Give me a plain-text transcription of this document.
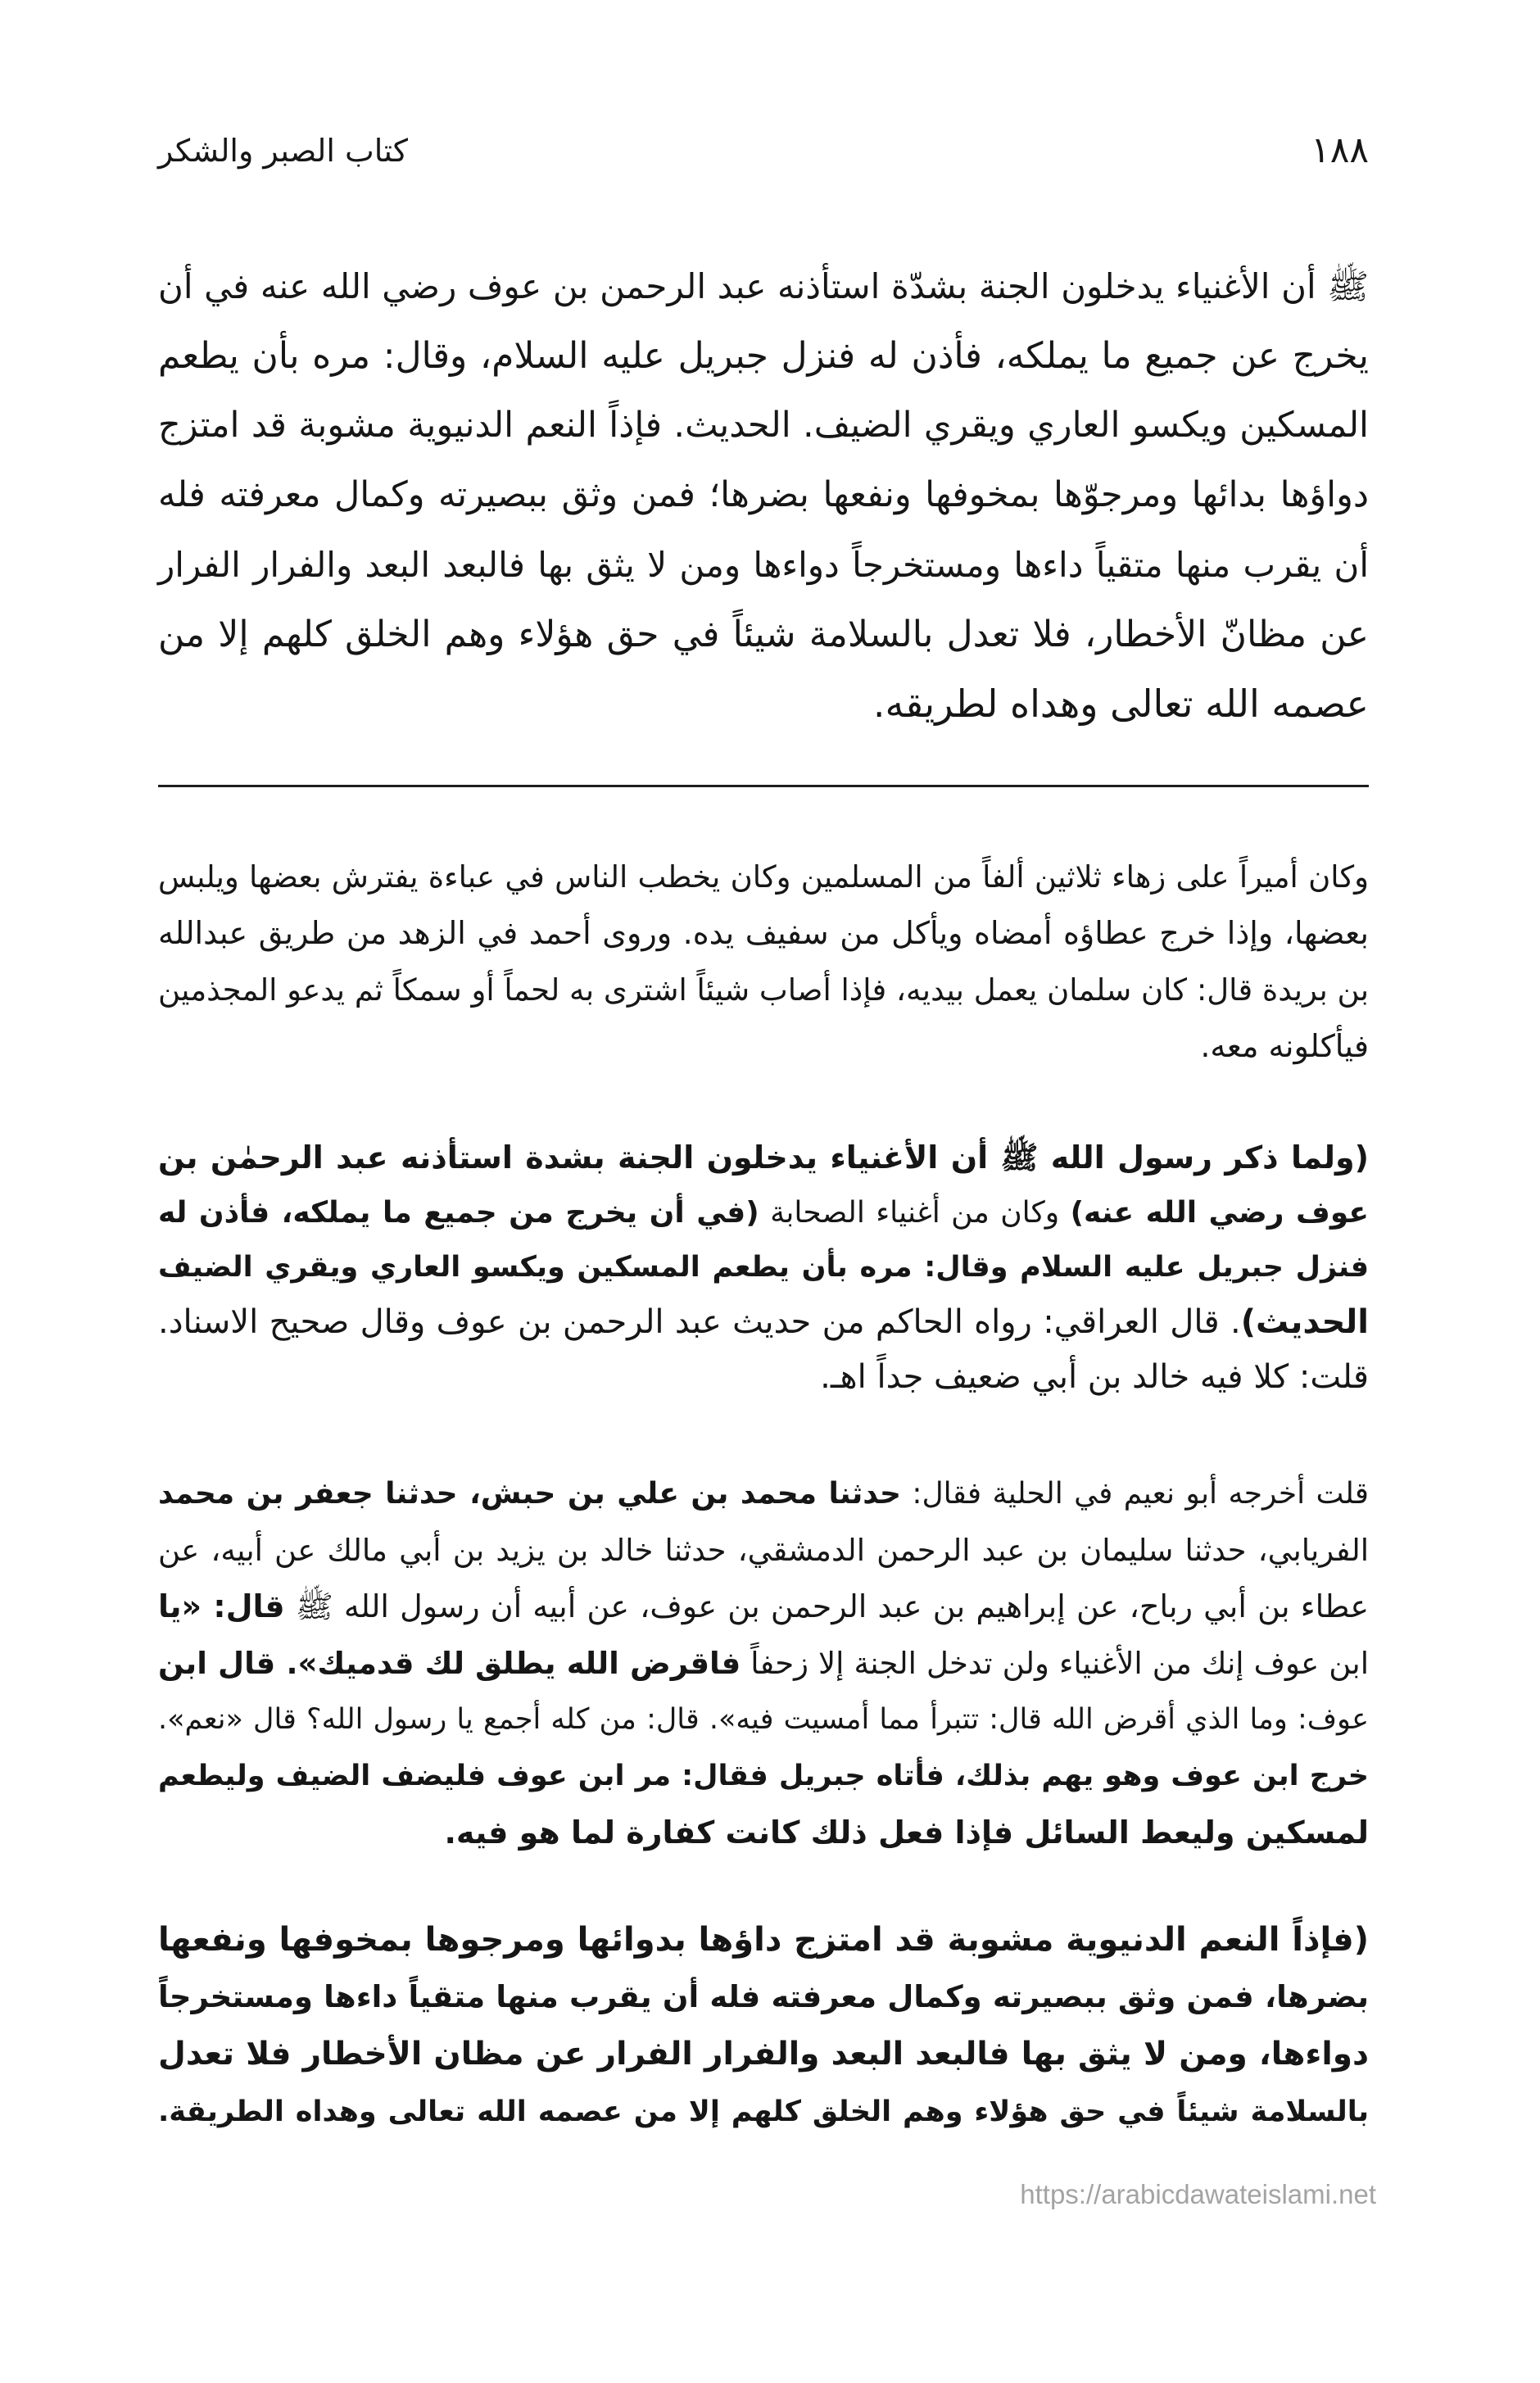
كتاب الصبر والشكر	١٨٨
ﷺ أن الأغنياء يدخلون الجنة بشدّة استأذنه عبد الرحمن بن عوف رضي الله عنه في أن
يخرج عن جميع ما يملكه، فأذن له فنزل جبريل عليه السلام، وقال: مره بأن يطعم
المسكين ويكسو العاري ويقري الضيف. الحديث. فإذاً النعم الدنيوية مشوبة قد امتزج
دواؤها بدائها ومرجوّها بمخوفها ونفعها بضرها؛ فمن وثق ببصيرته وكمال معرفته فله
أن يقرب منها متقياً داءها ومستخرجاً دواءها ومن لا يثق بها فالبعد البعد والفرار الفرار
عن مظانّ الأخطار، فلا تعدل بالسلامة شيئاً في حق هؤلاء وهم الخلق كلهم إلا من
عصمه الله تعالى وهداه لطريقه.
وكان أميراً على زهاء ثلاثين ألفاً من المسلمين وكان يخطب الناس في عباءة يفترش بعضها ويلبس
بعضها، وإذا خرج عطاؤه أمضاه ويأكل من سفيف يده. وروى أحمد في الزهد من طريق عبدالله
بن بريدة قال: كان سلمان يعمل بيديه، فإذا أصاب شيئاً اشترى به لحماً أو سمكاً ثم يدعو المجذمين
فيأكلونه معه.
(ولما ذكر رسول الله ﷺ أن الأغنياء يدخلون الجنة بشدة استأذنه عبد الرحمٰن بن
عوف رضي الله عنه) وكان من أغنياء الصحابة (في أن يخرج من جميع ما يملكه، فأذن له
فنزل جبريل عليه السلام وقال: مره بأن يطعم المسكين ويكسو العاري ويقري الضيف
الحديث). قال العراقي: رواه الحاكم من حديث عبد الرحمن بن عوف وقال صحيح الاسناد.
قلت: كلا فيه خالد بن أبي ضعيف جداً اهـ.
قلت أخرجه أبو نعيم في الحلية فقال: حدثنا محمد بن علي بن حبش، حدثنا جعفر بن محمد
الفريابي، حدثنا سليمان بن عبد الرحمن الدمشقي، حدثنا خالد بن يزيد بن أبي مالك عن أبيه، عن
عطاء بن أبي رباح، عن إبراهيم بن عبد الرحمن بن عوف، عن أبيه أن رسول الله ﷺ قال: «يا
ابن عوف إنك من الأغنياء ولن تدخل الجنة إلا زحفاً فاقرض الله يطلق لك قدميك». قال ابن
عوف: وما الذي أقرض الله قال: تتبرأ مما أمسيت فيه». قال: من كله أجمع يا رسول الله؟ قال «نعم».
خرج ابن عوف وهو يهم بذلك، فأتاه جبريل فقال: مر ابن عوف فليضف الضيف وليطعم
لمسكين وليعط السائل فإذا فعل ذلك كانت كفارة لما هو فيه.
(فإذاً النعم الدنيوية مشوبة قد امتزج داؤها بدوائها ومرجوها بمخوفها ونفعها
بضرها، فمن وثق ببصيرته وكمال معرفته فله أن يقرب منها متقياً داءها ومستخرجاً
دواءها، ومن لا يثق بها فالبعد البعد والفرار الفرار عن مظان الأخطار فلا تعدل
بالسلامة شيئاً في حق هؤلاء وهم الخلق كلهم إلا من عصمه الله تعالى وهداه الطريقة.
https://arabicdawateislami.net
